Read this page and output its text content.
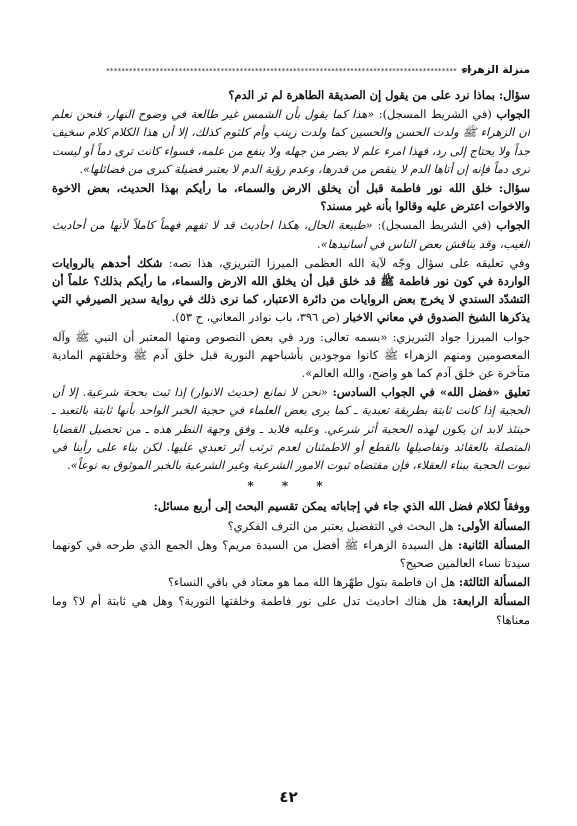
منزلة الزهراء
*** ********************************************************************************************

سؤال: بماذا نرد على من يقول إن الصديقة الطاهرة لم تر الدم؟

الجواب (في الشريط المسجل): «هذا كما يقول بأن الشمس غير طالعة في وضوح النهار، فنحن نعلم أن الزهراء ﷺ ولدت الحسن والحسين كما ولدت زينب وأم كلثوم كذلك، إلا أن هذا الكلام كلام سخيف جداً ولا يحتاج إلى رد، فهذا امرء علم لا يضر من جهله ولا ينفع من علمه، فسواء كانت ترى دماً أو ليست ترى دماً فإنه إن أتاها الدم لا ينقص من قدرها، وعدم رؤية الدم لا يعتبر فضيلة كبرى من فضائلها».

سؤال: خلق الله نور فاطمة قبل أن يخلق الارض والسماء، ما رأيكم بهذا الحديث، بعض الاخوة والاخوات اعترض عليه وقالوا بأنه غير مسند؟

الجواب (في الشريط المسجل): «طبيعة الحال، هكذا احاديث قد لا تفهم فهماً كاملاً لأنها من أحاديث الغيب، وقد يناقش بعض الناس في أسانيدها».

وفي تعليقه على سؤال وجّه لآية الله العظمى الميرزا التبريزي، هذا نصه: شكك أحدهم بالروايات الواردة في كون نور فاطمة ﷺ قد خلق قبل أن يخلق الله الارض والسماء، ما رأيكم بذلك؟ علماً أن التشدّد السندي لا يخرج بعض الروايات من دائرة الاعتبار، كما نرى ذلك في رواية سدير الصيرفي التي يذكرها الشيخ الصدوق في معاني الاخبار (ص ٣٩٦، باب نوادر المعاني، ح ٥٣).

جواب الميرزا جواد التبريزي: «بسمه تعالى: ورد في بعض النصوص ومنها المعتبر أن النبي ﷺ وآله المعصومين ومنهم الزهراء ﷺ كانوا موجودين بأشباحهم النورية قبل خلق آدم ﷺ وخلقتهم المادية متأخرة عن خلق آدم كما هو واضح، والله العالم».

تعليق «فضل الله» في الجواب السادس: «نحن لا نمانع (حديث الانوار) إذا ثبت بحجة شرعية. إلا أن الحجية إذا كانت ثابتة بطريقة تعبدية ـ كما يرى بعض العلماء في حجية الخبر الواحد بأنها ثابتة بالتعبد ـ حينئذ لابد ان يكون لهذه الحجية أثر شرعي. وعليه فلابد ـ وفق وجهة النظر هذه ـ من تحصيل القضايا المتصلة بالعقائد وتفاصيلها بالقطع أو الاطمئنان لعدم ترتب أثر تعبدي عليها. لكن بناء على رأينا في ثبوت الحجية ببناء العقلاء، فإن مقتضاه ثبوت الامور الشرعية وغير الشرعية بالخبر الموثوق به نوعاً».

* * *

ووفقاً لكلام فضل الله الذي جاء في إجاباته يمكن تقسيم البحث إلى أربع مسائل:

المسألة الأولى: هل البحث في التفضيل يعتبر من الترف الفكري؟

المسألة الثانية: هل السيدة الزهراء ﷺ أفضل من السيدة مريم؟ وهل الجمع الذي طرحه في كونهما سيدتا نساء العالمين صحيح؟

المسألة الثالثة: هل ان فاطمة بتول طهّرها الله مما هو معتاد في باقي النساء؟

المسألة الرابعة: هل هناك احاديث تدل على نور فاطمة وخلقتها النورية؟ وهل هي ثابتة أم لا؟ وما معناها؟

٤٢
